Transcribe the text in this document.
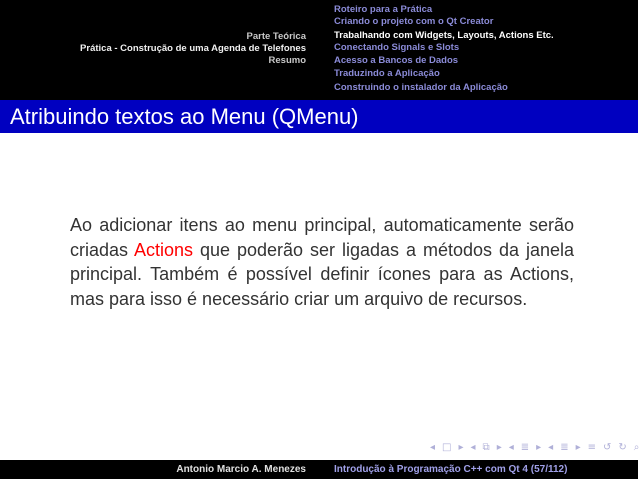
Parte Teórica
Prática - Construção de uma Agenda de Telefones
Resumo
Roteiro para a Prática
Criando o projeto com o Qt Creator
Trabalhando com Widgets, Layouts, Actions Etc.
Conectando Signals e Slots
Acesso a Bancos de Dados
Traduzindo a Aplicação
Construindo o instalador da Aplicação
Atribuindo textos ao Menu (QMenu)
Ao adicionar itens ao menu principal, automaticamente serão criadas Actions que poderão ser ligadas a métodos da janela principal. Também é possível definir ícones para as Actions, mas para isso é necessário criar um arquivo de recursos.
◂ □ ▸ ◂ ⧉ ▸ ◂ ≣ ▸ ◂ ≣ ▸ ≡ ↺ ↻ ⌕
Antonio Marcio A. Menezes	Introdução à Programação C++ com Qt 4 (57/112)
